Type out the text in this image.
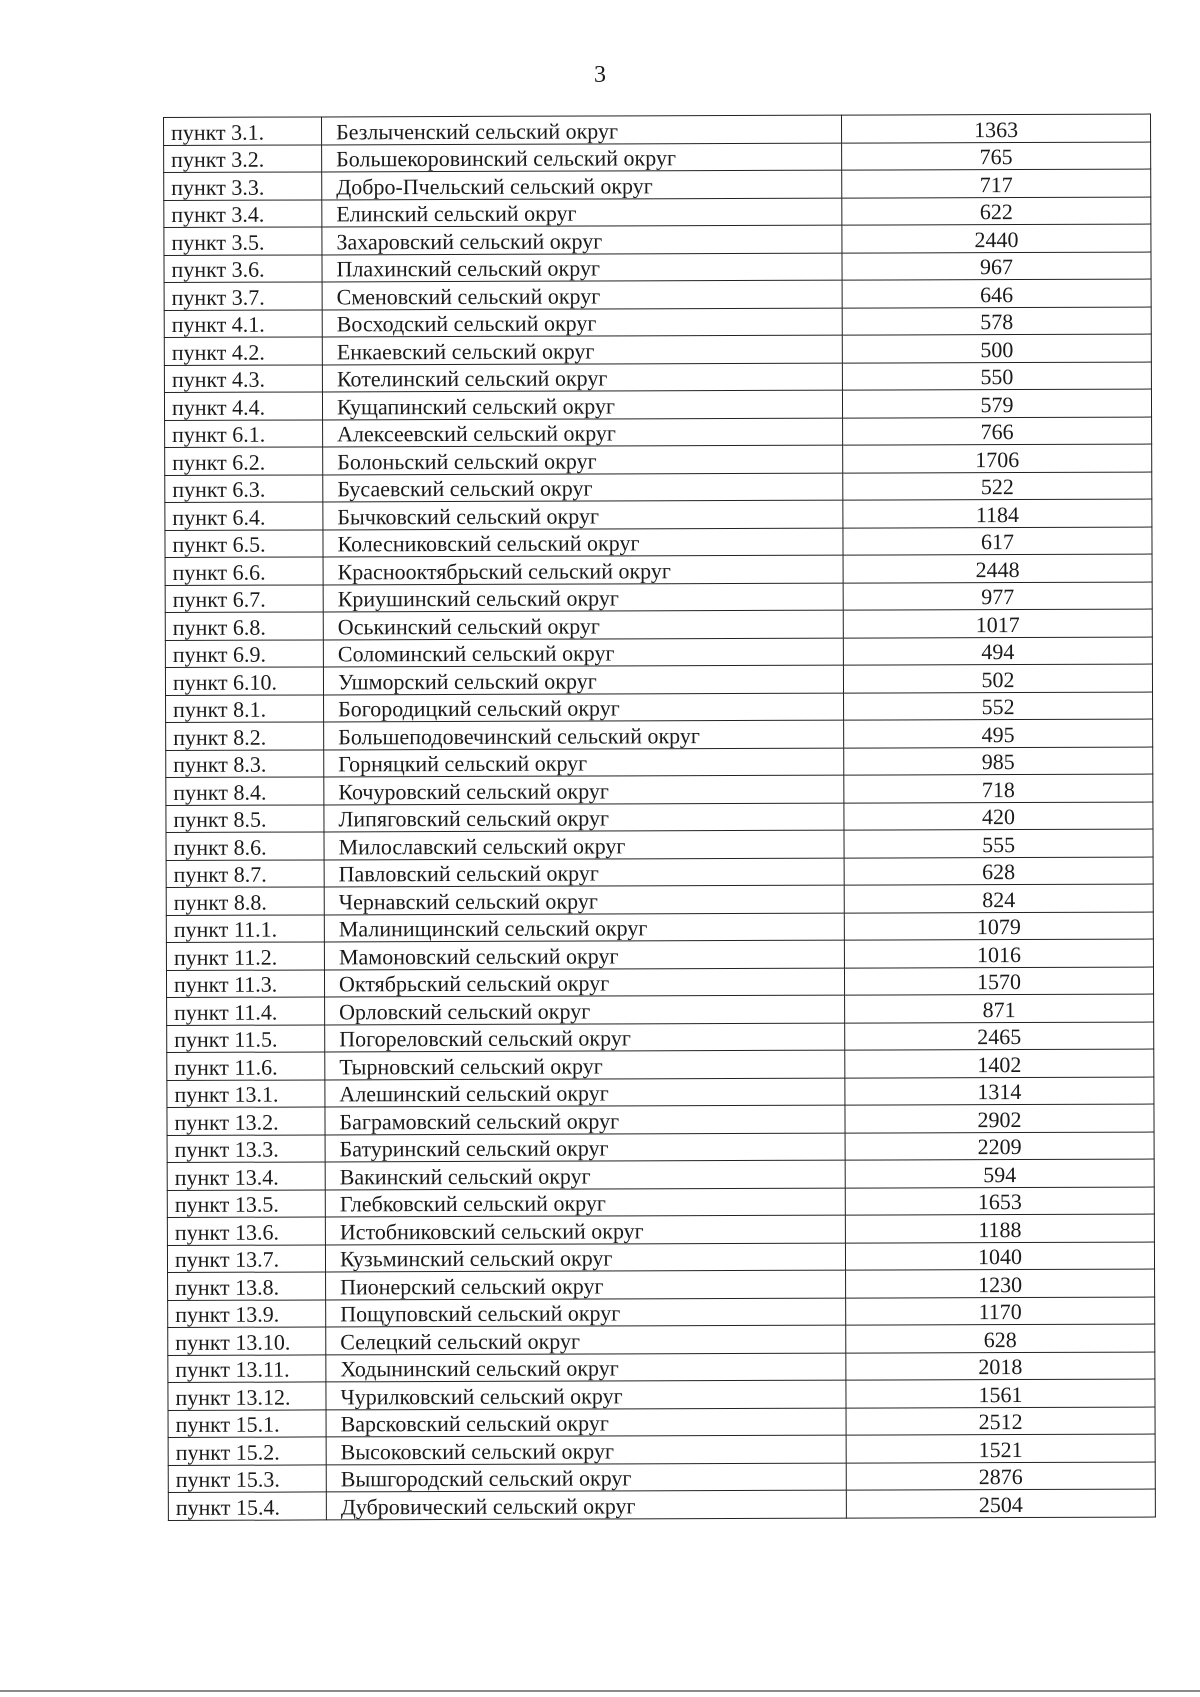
3
пункт 3.1.	Безлыченский сельский округ	1363
пункт 3.2.	Большекоровинский сельский округ	765
пункт 3.3.	Добро-Пчельский сельский округ	717
пункт 3.4.	Елинский сельский округ	622
пункт 3.5.	Захаровский сельский округ	2440
пункт 3.6.	Плахинский сельский округ	967
пункт 3.7.	Сменовский сельский округ	646
пункт 4.1.	Восходский сельский округ	578
пункт 4.2.	Енкаевский сельский округ	500
пункт 4.3.	Котелинский сельский округ	550
пункт 4.4.	Кущапинский сельский округ	579
пункт 6.1.	Алексеевский сельский округ	766
пункт 6.2.	Болоньский сельский округ	1706
пункт 6.3.	Бусаевский сельский округ	522
пункт 6.4.	Бычковский сельский округ	1184
пункт 6.5.	Колесниковский сельский округ	617
пункт 6.6.	Краснооктябрьский сельский округ	2448
пункт 6.7.	Криушинский сельский округ	977
пункт 6.8.	Оськинский сельский округ	1017
пункт 6.9.	Соломинский сельский округ	494
пункт 6.10.	Ушморский сельский округ	502
пункт 8.1.	Богородицкий сельский округ	552
пункт 8.2.	Большеподовечинский сельский округ	495
пункт 8.3.	Горняцкий сельский округ	985
пункт 8.4.	Кочуровский сельский округ	718
пункт 8.5.	Липяговский сельский округ	420
пункт 8.6.	Милославский сельский округ	555
пункт 8.7.	Павловский сельский округ	628
пункт 8.8.	Чернавский сельский округ	824
пункт 11.1.	Малинищинский сельский округ	1079
пункт 11.2.	Мамоновский сельский округ	1016
пункт 11.3.	Октябрьский сельский округ	1570
пункт 11.4.	Орловский сельский округ	871
пункт 11.5.	Погореловский сельский округ	2465
пункт 11.6.	Тырновский сельский округ	1402
пункт 13.1.	Алешинский сельский округ	1314
пункт 13.2.	Баграмовский сельский округ	2902
пункт 13.3.	Батуринский сельский округ	2209
пункт 13.4.	Вакинский сельский округ	594
пункт 13.5.	Глебковский сельский округ	1653
пункт 13.6.	Истобниковский сельский округ	1188
пункт 13.7.	Кузьминский сельский округ	1040
пункт 13.8.	Пионерский сельский округ	1230
пункт 13.9.	Пощуповский сельский округ	1170
пункт 13.10.	Селецкий сельский округ	628
пункт 13.11.	Ходынинский сельский округ	2018
пункт 13.12.	Чурилковский сельский округ	1561
пункт 15.1.	Варсковский сельский округ	2512
пункт 15.2.	Высоковский сельский округ	1521
пункт 15.3.	Вышгородский сельский округ	2876
пункт 15.4.	Дубровический сельский округ	2504
